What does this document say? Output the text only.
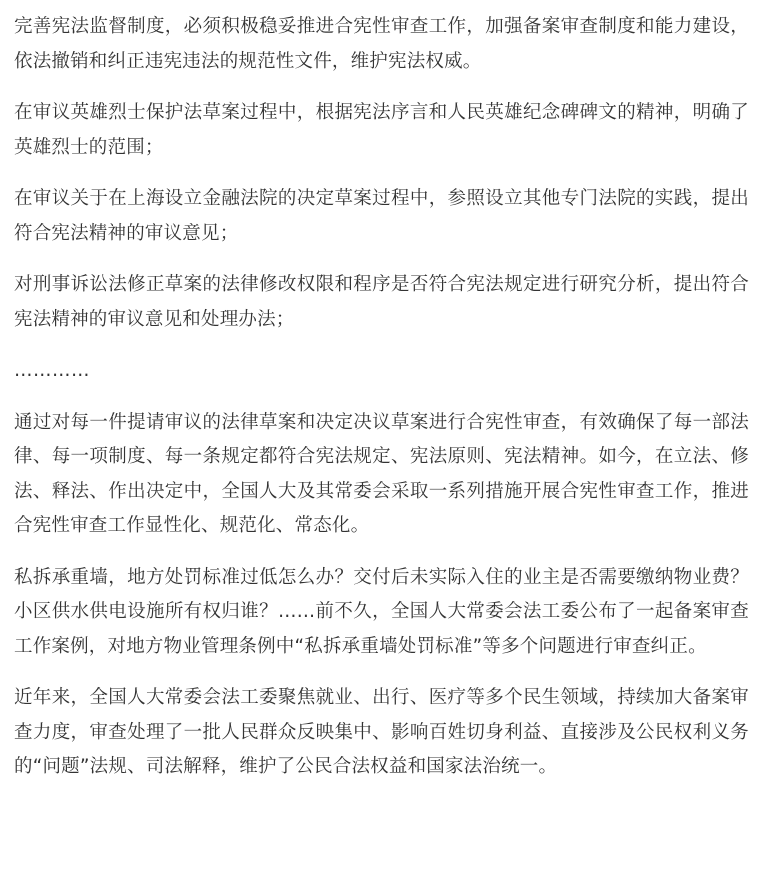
完善宪法监督制度，必须积极稳妥推进合宪性审查工作，加强备案审查制度和能力建设，依法撤销和纠正违宪违法的规范性文件，维护宪法权威。

在审议英雄烈士保护法草案过程中，根据宪法序言和人民英雄纪念碑碑文的精神，明确了英雄烈士的范围；

在审议关于在上海设立金融法院的决定草案过程中，参照设立其他专门法院的实践，提出符合宪法精神的审议意见；

对刑事诉讼法修正草案的法律修改权限和程序是否符合宪法规定进行研究分析，提出符合宪法精神的审议意见和处理办法；

…………

通过对每一件提请审议的法律草案和决定决议草案进行合宪性审查，有效确保了每一部法律、每一项制度、每一条规定都符合宪法规定、宪法原则、宪法精神。如今，在立法、修法、释法、作出决定中，全国人大及其常委会采取一系列措施开展合宪性审查工作，推进合宪性审查工作显性化、规范化、常态化。

私拆承重墙，地方处罚标准过低怎么办？交付后未实际入住的业主是否需要缴纳物业费？小区供水供电设施所有权归谁？……前不久，全国人大常委会法工委公布了一起备案审查工作案例，对地方物业管理条例中“私拆承重墙处罚标准”等多个问题进行审查纠正。

近年来，全国人大常委会法工委聚焦就业、出行、医疗等多个民生领域，持续加大备案审查力度，审查处理了一批人民群众反映集中、影响百姓切身利益、直接涉及公民权利义务的“问题”法规、司法解释，维护了公民合法权益和国家法治统一。
